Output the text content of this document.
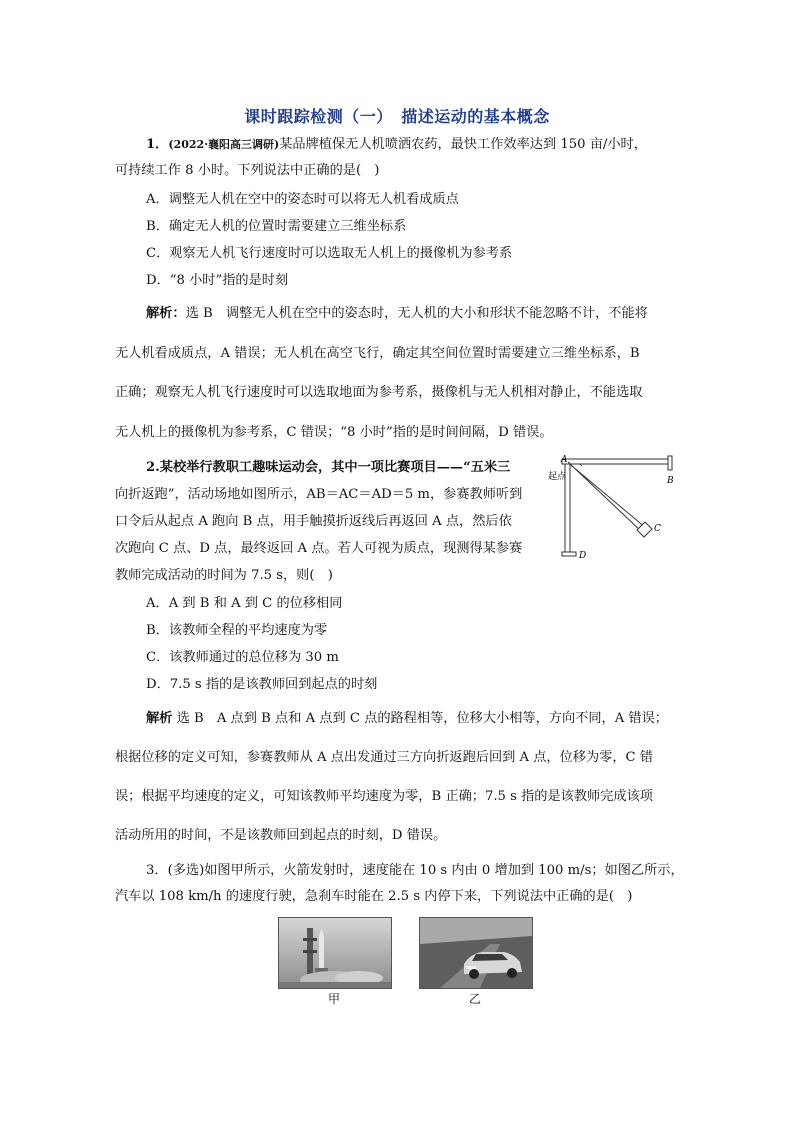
课时跟踪检测（一）　描述运动的基本概念
1．(2022·襄阳高三调研)某品牌植保无人机喷洒农药，最快工作效率达到 150 亩/小时，
可持续工作 8 小时。下列说法中正确的是(　)
A．调整无人机在空中的姿态时可以将无人机看成质点
B．确定无人机的位置时需要建立三维坐标系
C．观察无人机飞行速度时可以选取无人机上的摄像机为参考系
D．“8 小时”指的是时刻
解析：选 B　调整无人机在空中的姿态时，无人机的大小和形状不能忽略不计，不能将
无人机看成质点，A 错误；无人机在高空飞行，确定其空间位置时需要建立三维坐标系，B
正确；观察无人机飞行速度时可以选取地面为参考系，摄像机与无人机相对静止，不能选取
无人机上的摄像机为参考系，C 错误；“8 小时”指的是时间间隔，D 错误。
2.某校举行教职工趣味运动会，其中一项比赛项目——“五米三
向折返跑”，活动场地如图所示，AB＝AC＝AD＝5 m，参赛教师听到
口令后从起点 A 跑向 B 点，用手触摸折返线后再返回 A 点，然后依
次跑向 C 点、D 点，最终返回 A 点。若人可视为质点，现测得某参赛
教师完成活动的时间为 7.5 s，则(　)
A
起点	B
C
D
A．A 到 B 和 A 到 C 的位移相同
B．该教师全程的平均速度为零
C．该教师通过的总位移为 30 m
D．7.5 s 指的是该教师回到起点的时刻
解析 选 B　A 点到 B 点和 A 点到 C 点的路程相等，位移大小相等，方向不同，A 错误；
根据位移的定义可知，参赛教师从 A 点出发通过三方向折返跑后回到 A 点，位移为零，C 错
误；根据平均速度的定义，可知该教师平均速度为零，B 正确；7.5 s 指的是该教师完成该项
活动所用的时间，不是该教师回到起点的时刻，D 错误。
3．(多选)如图甲所示，火箭发射时，速度能在 10 s 内由 0 增加到 100 m/s；如图乙所示，
汽车以 108 km/h 的速度行驶，急刹车时能在 2.5 s 内停下来，下列说法中正确的是(　)
甲	乙
